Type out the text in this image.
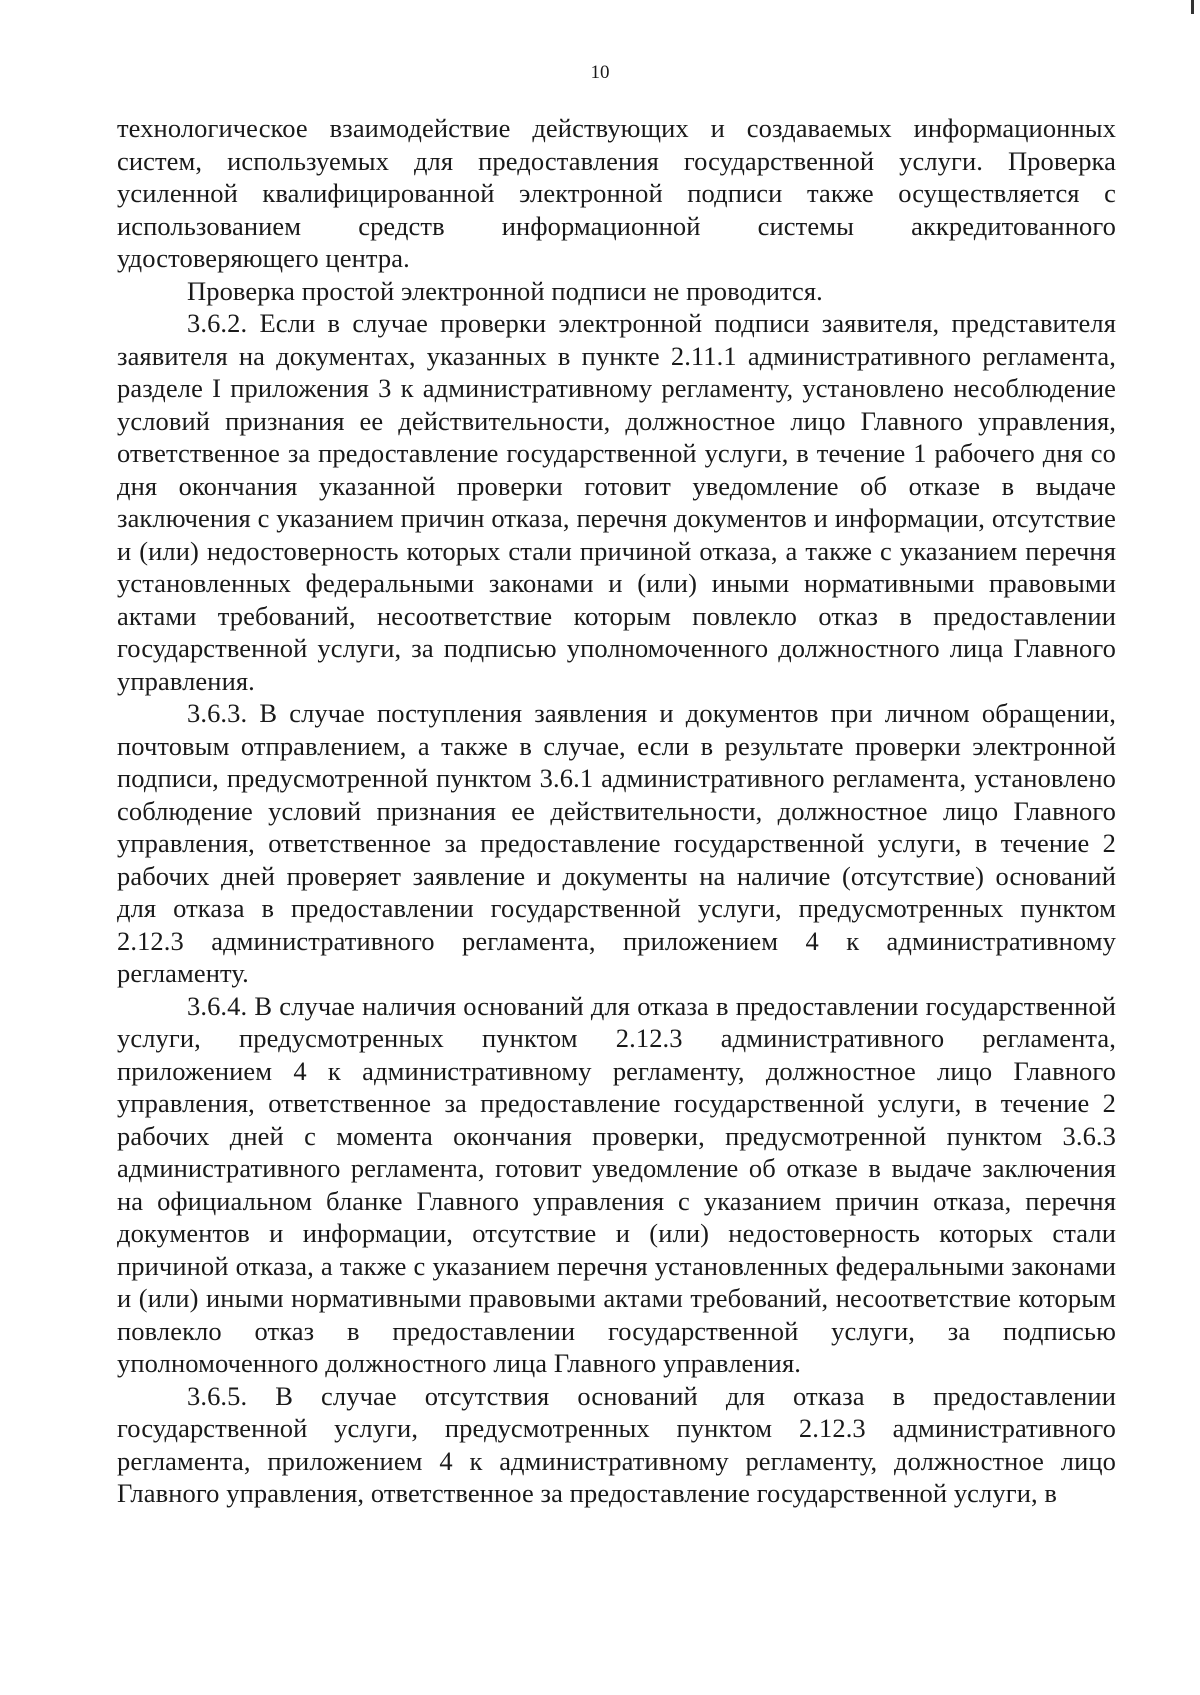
10

технологическое взаимодействие действующих и создаваемых информационных систем, используемых для предоставления государственной услуги. Проверка усиленной квалифицированной электронной подписи также осуществляется с использованием средств информационной системы аккредитованного удостоверяющего центра.

Проверка простой электронной подписи не проводится.

3.6.2. Если в случае проверки электронной подписи заявителя, представителя заявителя на документах, указанных в пункте 2.11.1 административного регламента, разделе I приложения 3 к административному регламенту, установлено несоблюдение условий признания ее действительности, должностное лицо Главного управления, ответственное за предоставление государственной услуги, в течение 1 рабочего дня со дня окончания указанной проверки готовит уведомление об отказе в выдаче заключения с указанием причин отказа, перечня документов и информации, отсутствие и (или) недостоверность которых стали причиной отказа, а также с указанием перечня установленных федеральными законами и (или) иными нормативными правовыми актами требований, несоответствие которым повлекло отказ в предоставлении государственной услуги, за подписью уполномоченного должностного лица Главного управления.

3.6.3. В случае поступления заявления и документов при личном обращении, почтовым отправлением, а также в случае, если в результате проверки электронной подписи, предусмотренной пунктом 3.6.1 административного регламента, установлено соблюдение условий признания ее действительности, должностное лицо Главного управления, ответственное за предоставление государственной услуги, в течение 2 рабочих дней проверяет заявление и документы на наличие (отсутствие) оснований для отказа в предоставлении государственной услуги, предусмотренных пунктом 2.12.3 административного регламента, приложением 4 к административному регламенту.

3.6.4. В случае наличия оснований для отказа в предоставлении государственной услуги, предусмотренных пунктом 2.12.3 административного регламента, приложением 4 к административному регламенту, должностное лицо Главного управления, ответственное за предоставление государственной услуги, в течение 2 рабочих дней с момента окончания проверки, предусмотренной пунктом 3.6.3 административного регламента, готовит уведомление об отказе в выдаче заключения на официальном бланке Главного управления с указанием причин отказа, перечня документов и информации, отсутствие и (или) недостоверность которых стали причиной отказа, а также с указанием перечня установленных федеральными законами и (или) иными нормативными правовыми актами требований, несоответствие которым повлекло отказ в предоставлении государственной услуги, за подписью уполномоченного должностного лица Главного управления.

3.6.5. В случае отсутствия оснований для отказа в предоставлении государственной услуги, предусмотренных пунктом 2.12.3 административного регламента, приложением 4 к административному регламенту, должностное лицо Главного управления, ответственное за предоставление государственной услуги, в
